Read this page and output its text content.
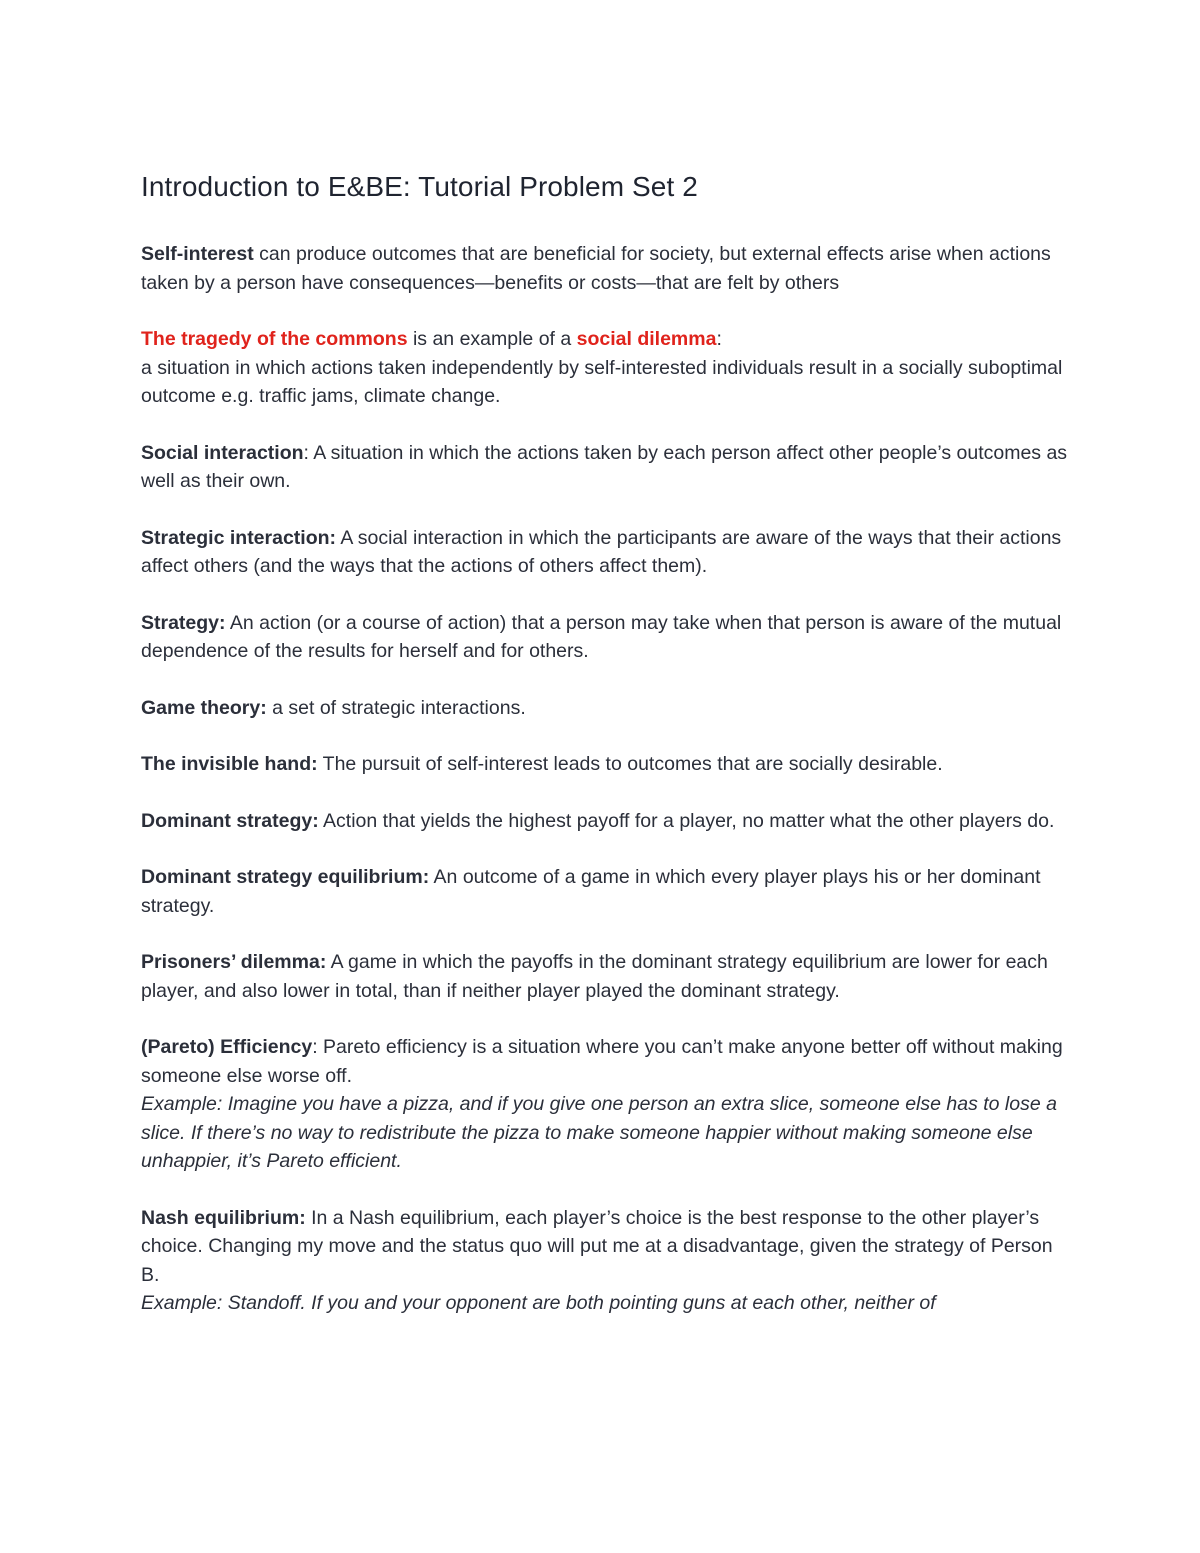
Introduction to E&BE: Tutorial Problem Set 2

Self-interest can produce outcomes that are beneficial for society, but external effects arise when actions taken by a person have consequences—benefits or costs—that are felt by others

The tragedy of the commons is an example of a social dilemma:
a situation in which actions taken independently by self-interested individuals result in a socially suboptimal outcome e.g. traffic jams, climate change.

Social interaction: A situation in which the actions taken by each person affect other people’s outcomes as well as their own.

Strategic interaction: A social interaction in which the participants are aware of the ways that their actions affect others (and the ways that the actions of others affect them).

Strategy: An action (or a course of action) that a person may take when that person is aware of the mutual dependence of the results for herself and for others.

Game theory: a set of strategic interactions.

The invisible hand: The pursuit of self-interest leads to outcomes that are socially desirable.

Dominant strategy: Action that yields the highest payoff for a player, no matter what the other players do.

Dominant strategy equilibrium: An outcome of a game in which every player plays his or her dominant strategy.

Prisoners’ dilemma: A game in which the payoffs in the dominant strategy equilibrium are lower for each player, and also lower in total, than if neither player played the dominant strategy.

(Pareto) Efficiency: Pareto efficiency is a situation where you can’t make anyone better off without making someone else worse off.
Example: Imagine you have a pizza, and if you give one person an extra slice, someone else has to lose a slice. If there’s no way to redistribute the pizza to make someone happier without making someone else unhappier, it’s Pareto efficient.

Nash equilibrium: In a Nash equilibrium, each player’s choice is the best response to the other player’s choice. Changing my move and the status quo will put me at a disadvantage, given the strategy of Person B.
Example: Standoff. If you and your opponent are both pointing guns at each other, neither of
